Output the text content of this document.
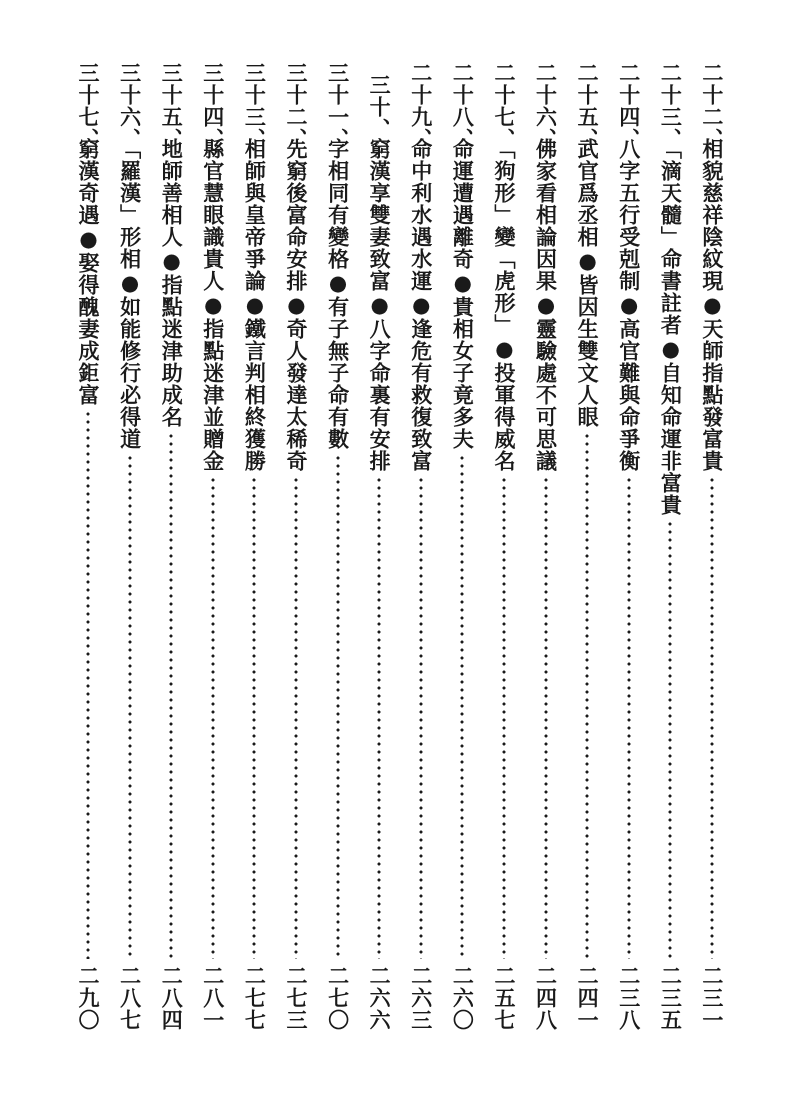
二十二、
相貌慈祥陰紋現●天師指點發富貴
二三一
二十三、
「滴天髓」命書註者●自知命運非富貴
二三五
二十四、
八字五行受剋制●高官難與命爭衡
二三八
二十五、
武官爲丞相●皆因生雙文人眼
二四一
二十六、
佛家看相論因果●靈驗處不可思議
二四八
二十七、
「狗形」變「虎形」●投軍得威名
二五七
二十八、
命運遭遇離奇●貴相女子竟多夫
二六〇
二十九、
命中利水遇水運●逢危有救復致富
二六三
三十、
窮漢享雙妻致富●八字命裏有安排
二六六
三十一、
字相同有變格●有子無子命有數
二七〇
三十二、
先窮後富命安排●奇人發達太稀奇
二七三
三十三、
相師與皇帝爭論●鐵言判相終獲勝
二七七
三十四、
縣官慧眼識貴人●指點迷津並贈金
二八一
三十五、
地師善相人●指點迷津助成名
二八四
三十六、
「羅漢」形相●如能修行必得道
二八七
三十七、
窮漢奇遇●娶得醜妻成鉅富
二九〇
